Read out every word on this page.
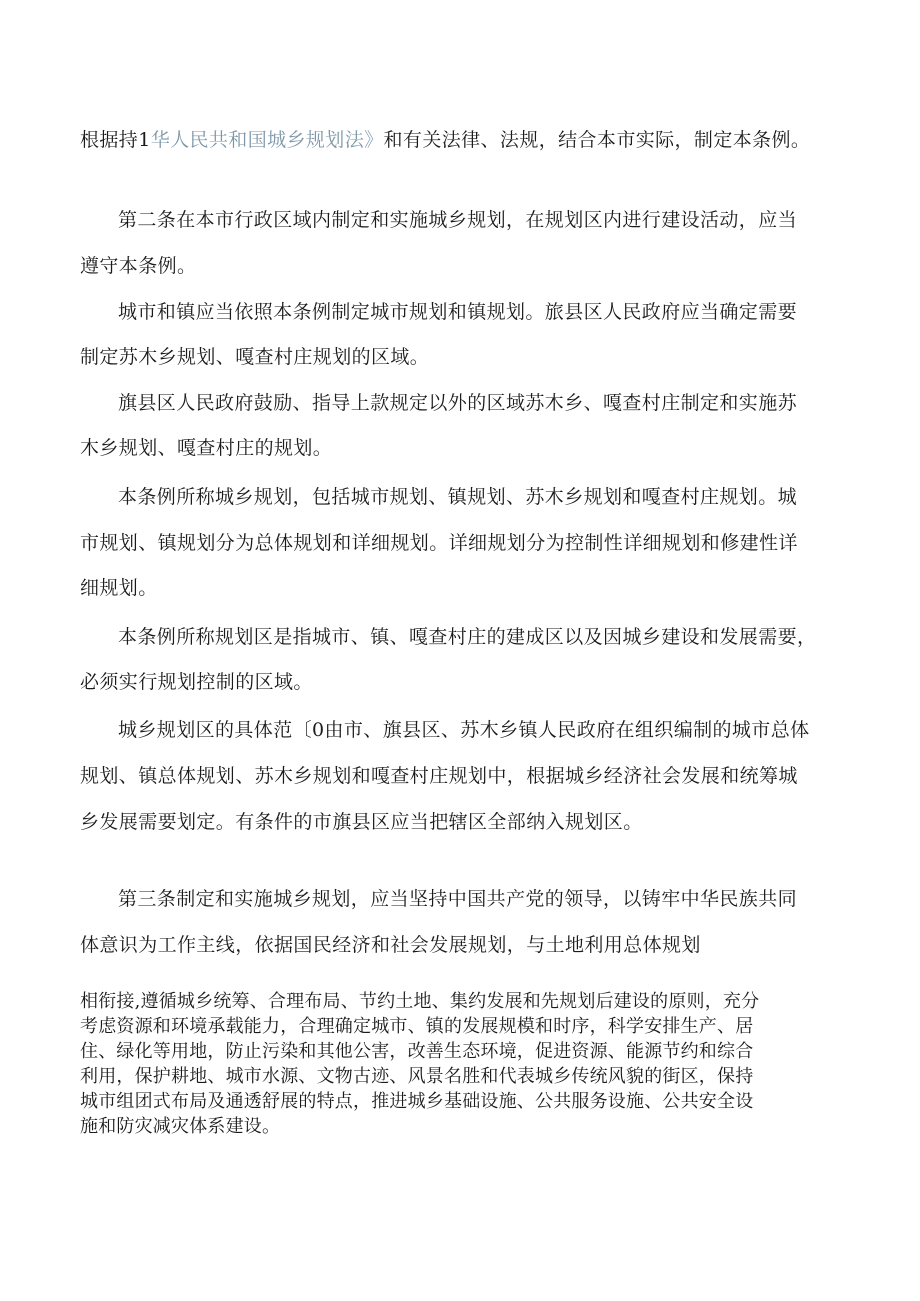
根据持1华人民共和国城乡规划法》和有关法律、法规，结合本市实际，制定本条例。

第二条在本市行政区域内制定和实施城乡规划，在规划区内进行建设活动，应当

遵守本条例。

城市和镇应当依照本条例制定城市规划和镇规划。旅县区人民政府应当确定需要

制定苏木乡规划、嘎查村庄规划的区域。

旗县区人民政府鼓励、指导上款规定以外的区域苏木乡、嘎查村庄制定和实施苏

木乡规划、嘎查村庄的规划。

本条例所称城乡规划，包括城市规划、镇规划、苏木乡规划和嘎查村庄规划。城

市规划、镇规划分为总体规划和详细规划。详细规划分为控制性详细规划和修建性详

细规划。

本条例所称规划区是指城市、镇、嘎查村庄的建成区以及因城乡建设和发展需要，

必须实行规划控制的区域。

城乡规划区的具体范〔0由市、旗县区、苏木乡镇人民政府在组织编制的城市总体

规划、镇总体规划、苏木乡规划和嘎查村庄规划中，根据城乡经济社会发展和统筹城

乡发展需要划定。有条件的市旗县区应当把辖区全部纳入规划区。

第三条制定和实施城乡规划，应当坚持中国共产党的领导，以铸牢中华民族共同

体意识为工作主线，依据国民经济和社会发展规划，与土地利用总体规划

相衔接,遵循城乡统筹、合理布局、节约土地、集约发展和先规划后建设的原则，充分

考虑资源和环境承载能力，合理确定城市、镇的发展规模和时序，科学安排生产、居

住、绿化等用地，防止污染和其他公害，改善生态环境，促进资源、能源节约和综合

利用，保护耕地、城市水源、文物古迹、风景名胜和代表城乡传统风貌的街区，保持

城市组团式布局及通透舒展的特点，推进城乡基础设施、公共服务设施、公共安全设

施和防灾减灾体系建设。
